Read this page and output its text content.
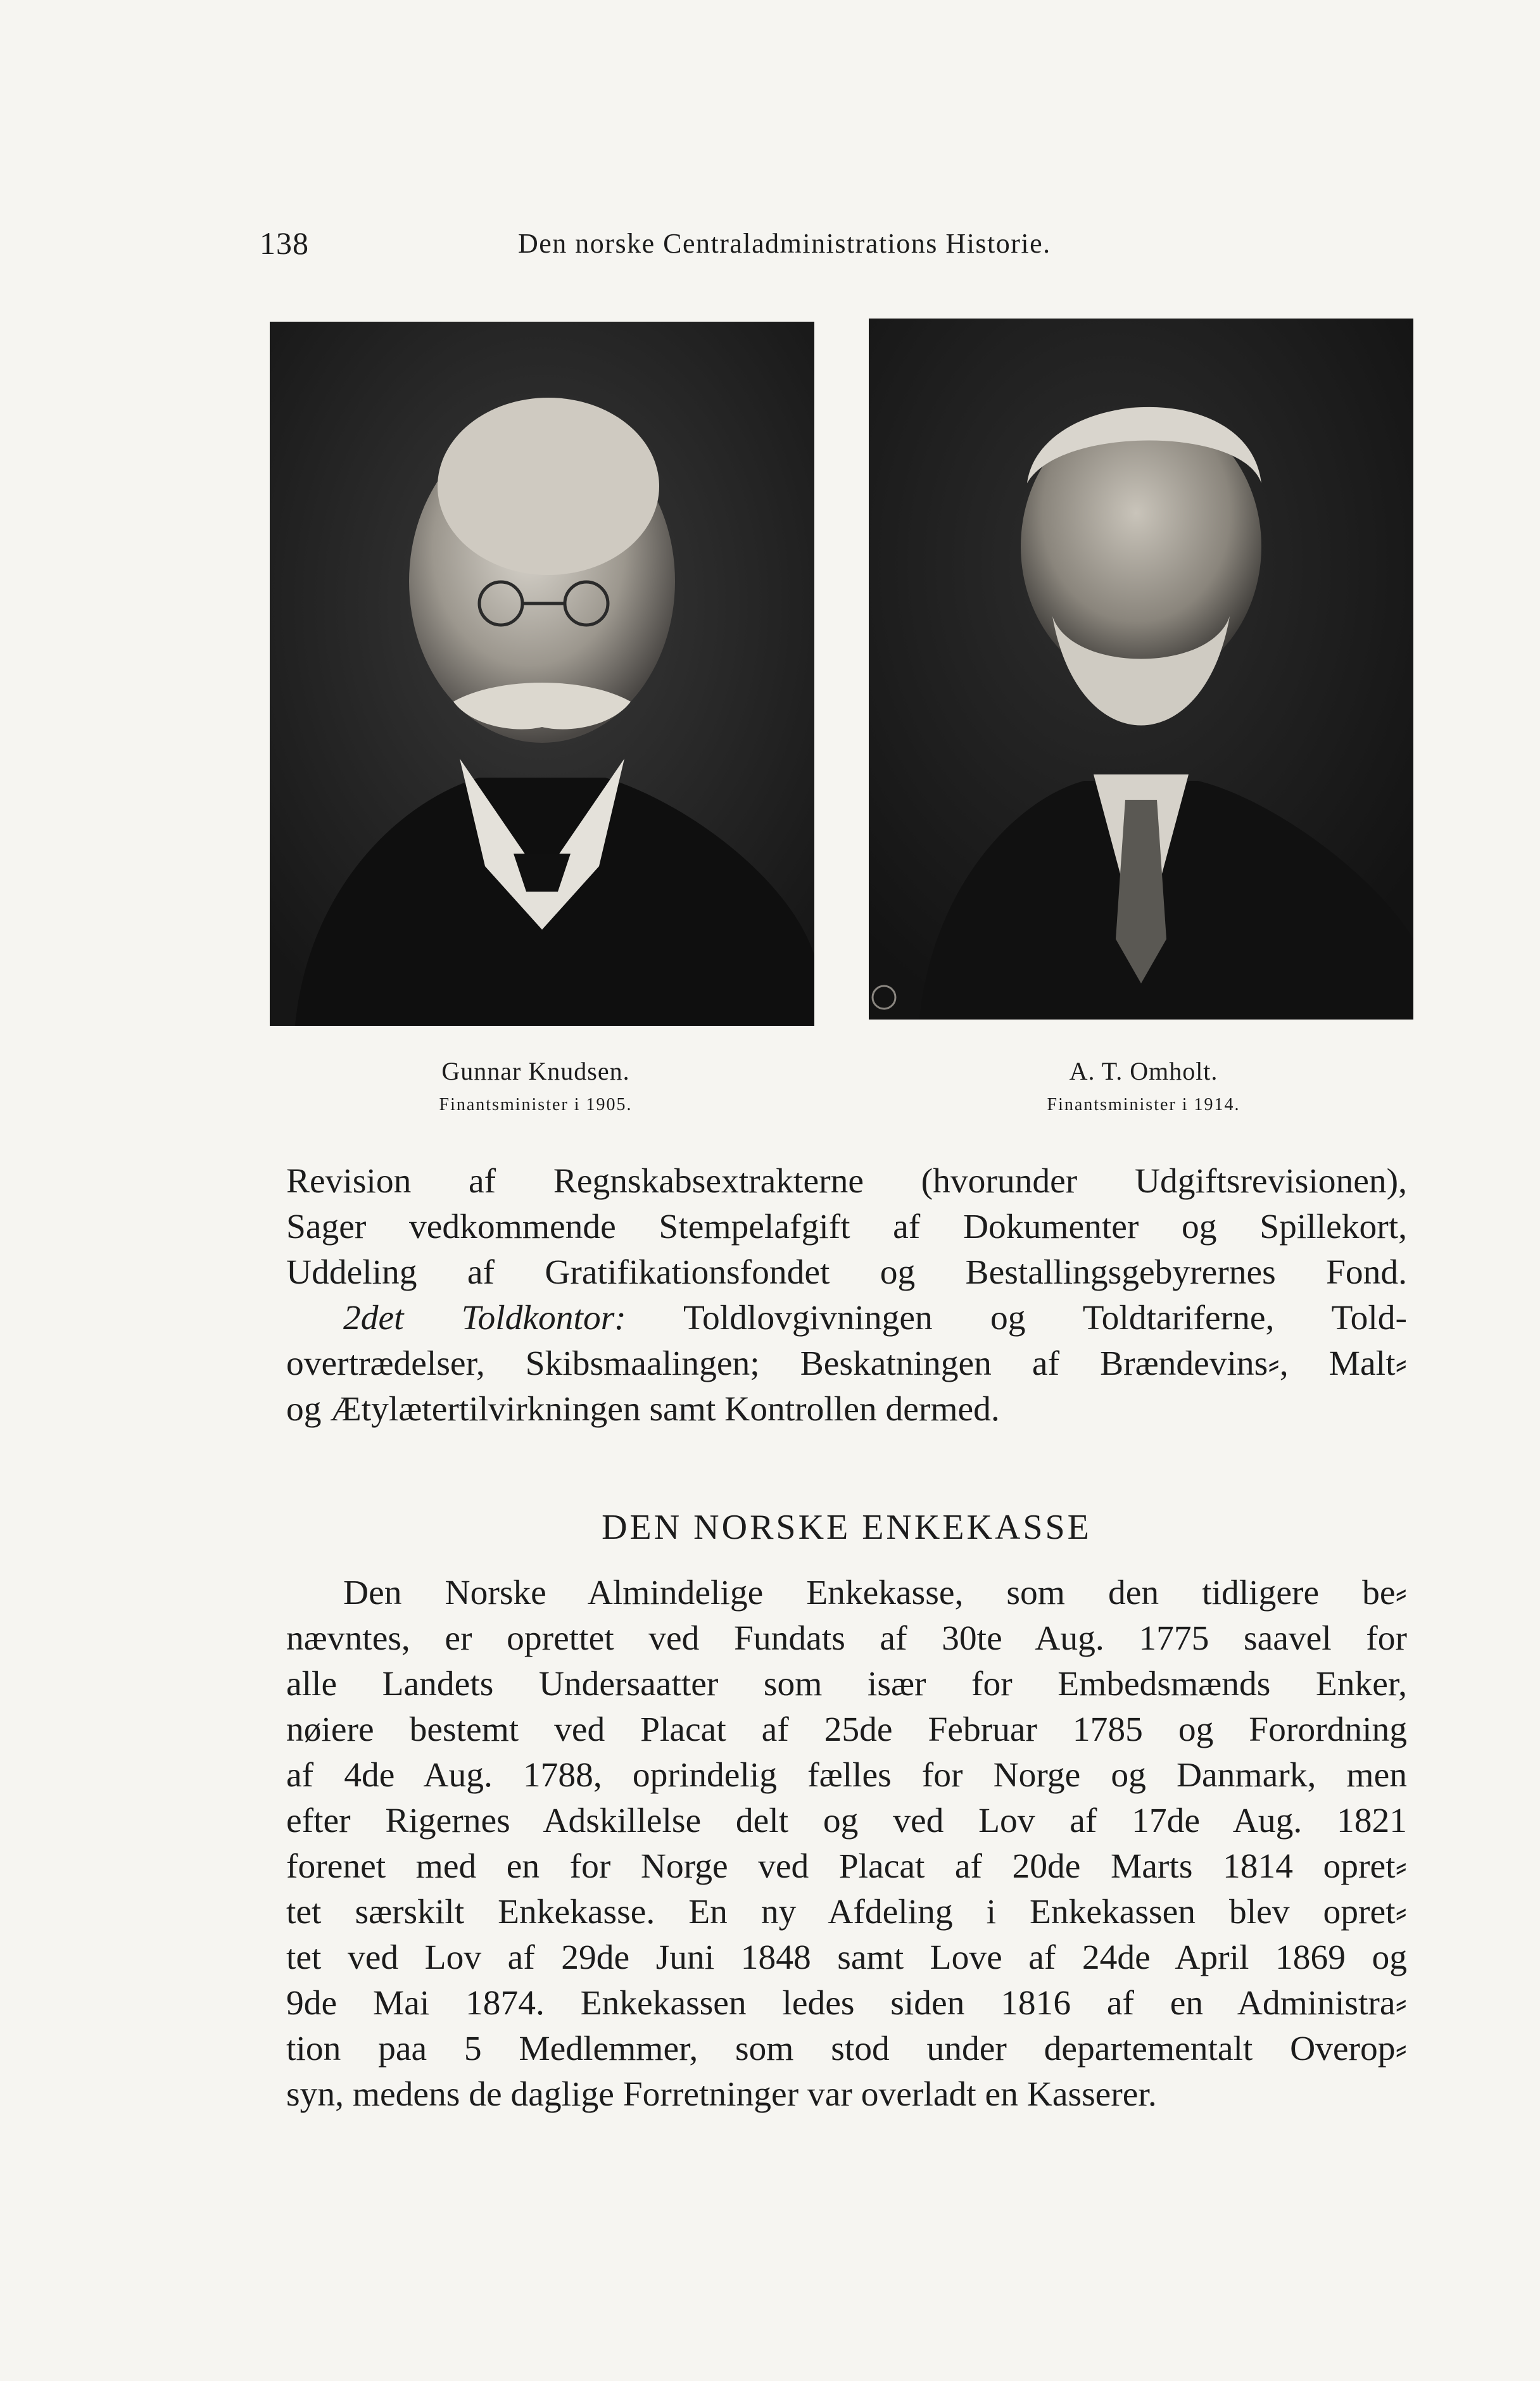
138	Den norske Centraladministrations Historie.
Gunnar Knudsen.
Finantsminister i 1905.
A. T. Omholt.
Finantsminister i 1914.
Revision af Regnskabsextrakterne (hvorunder Udgiftsrevisionen),
Sager vedkommende Stempelafgift af Dokumenter og Spillekort,
Uddeling af Gratifikationsfondet og Bestallingsgebyrernes Fond.
2det Toldkontor: Toldlovgivningen og Toldtariferne, Told-
overtrædelser, Skibsmaalingen; Beskatningen af Brændevins⸗, Malt⸗
og Ætylætertilvirkningen samt Kontrollen dermed.
DEN NORSKE ENKEKASSE
Den Norske Almindelige Enkekasse, som den tidligere be⸗
nævntes, er oprettet ved Fundats af 30te Aug. 1775 saavel for
alle Landets Undersaatter som især for Embedsmænds Enker,
nøiere bestemt ved Placat af 25de Februar 1785 og Forordning
af 4de Aug. 1788, oprindelig fælles for Norge og Danmark, men
efter Rigernes Adskillelse delt og ved Lov af 17de Aug. 1821
forenet med en for Norge ved Placat af 20de Marts 1814 opret⸗
tet særskilt Enkekasse. En ny Afdeling i Enkekassen blev opret⸗
tet ved Lov af 29de Juni 1848 samt Love af 24de April 1869 og
9de Mai 1874. Enkekassen ledes siden 1816 af en Administra⸗
tion paa 5 Medlemmer, som stod under departementalt Overop⸗
syn, medens de daglige Forretninger var overladt en Kasserer.
